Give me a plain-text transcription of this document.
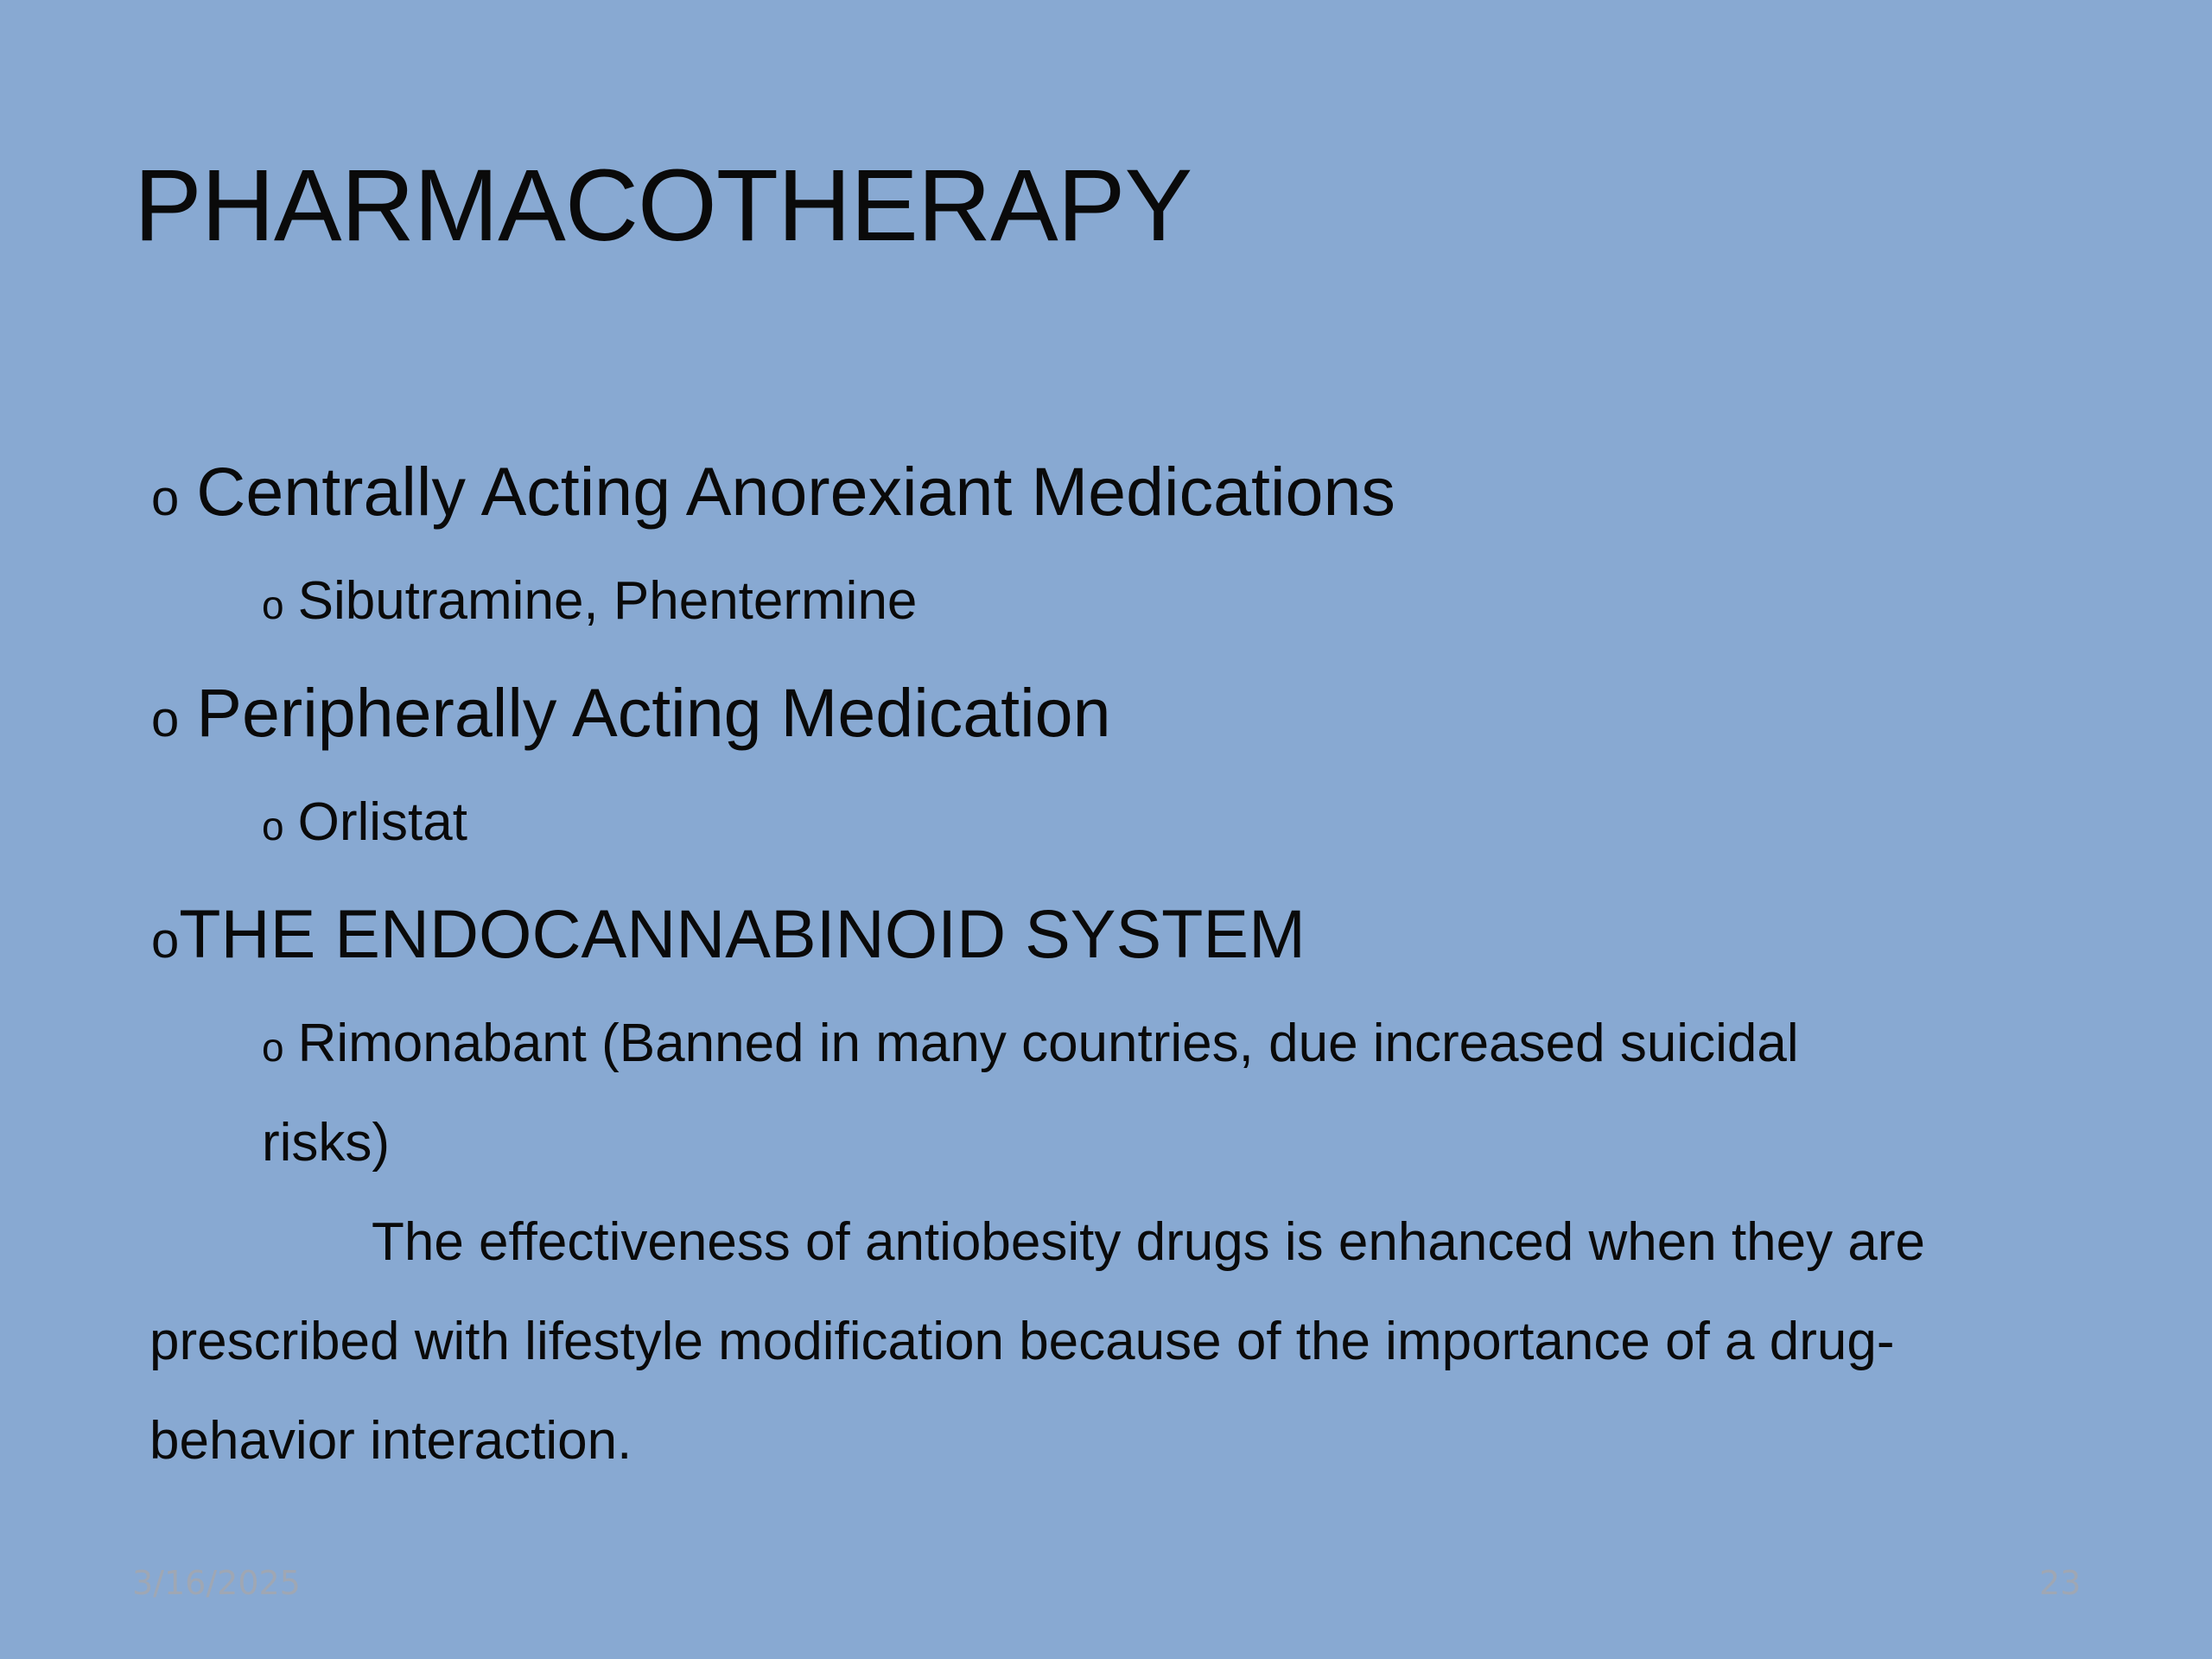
PHARMACOTHERAPY
o Centrally Acting Anorexiant Medications
o Sibutramine, Phentermine
o Peripherally Acting Medication
o Orlistat
oTHE ENDOCANNABINOID SYSTEM
o Rimonabant (Banned in many countries, due increased suicidal
risks)
The effectiveness of antiobesity drugs is enhanced when they are
prescribed with lifestyle modification because of the importance of a drug-
behavior interaction.
3/16/2025	23
